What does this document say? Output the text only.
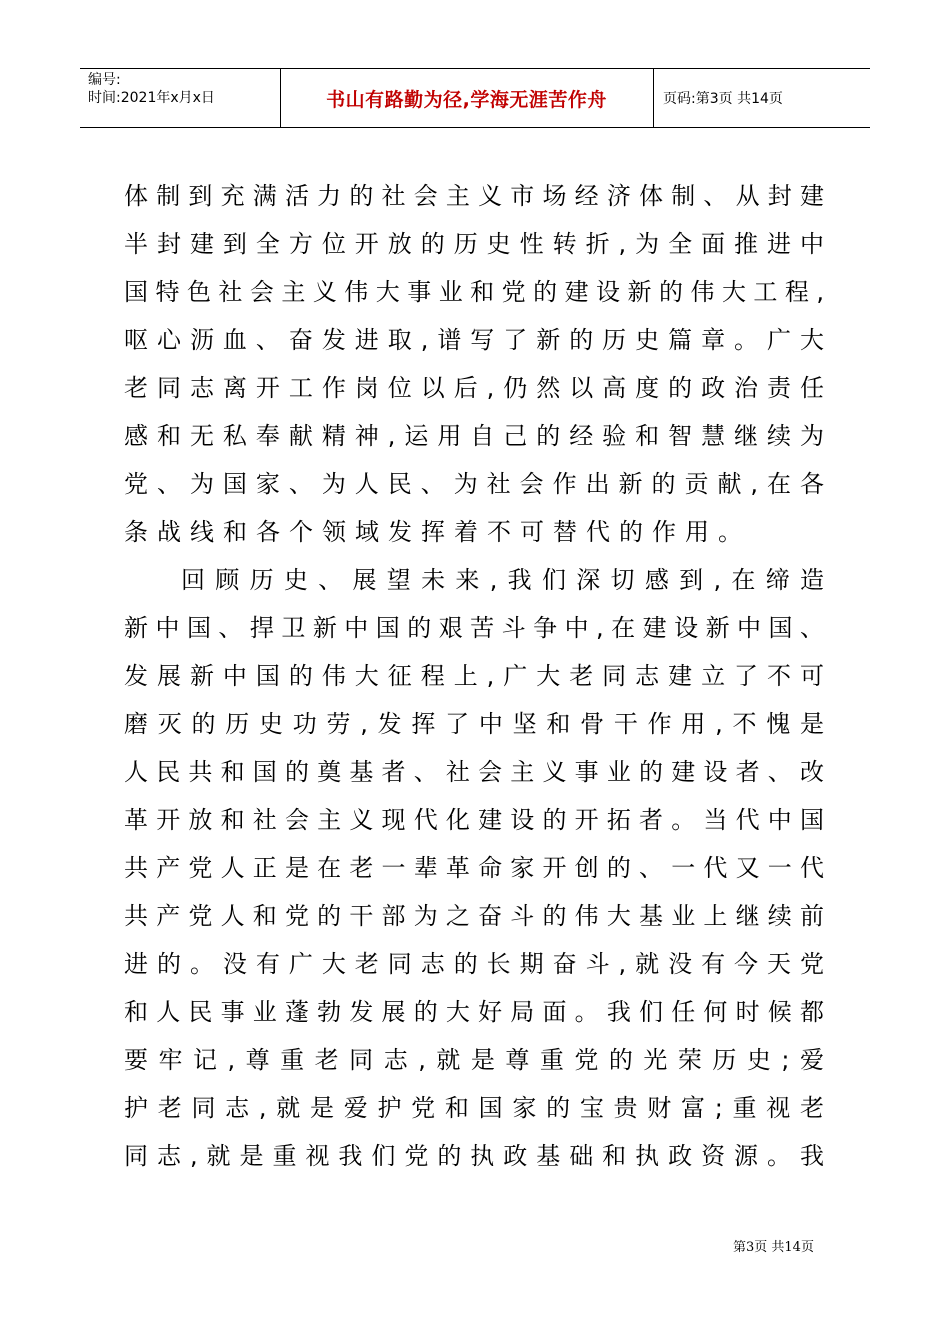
编号:
时间:2021年x月x日	书山有路勤为径,学海无涯苦作舟	页码:第3页 共14页
体制到充满活力的社会主义市场经济体制、从封建
半封建到全方位开放的历史性转折,为全面推进中
国特色社会主义伟大事业和党的建设新的伟大工程,
呕心沥血、奋发进取,谱写了新的历史篇章。广大
老同志离开工作岗位以后,仍然以高度的政治责任
感和无私奉献精神,运用自己的经验和智慧继续为
党、为国家、为人民、为社会作出新的贡献,在各
条战线和各个领域发挥着不可替代的作用。
回顾历史、展望未来,我们深切感到,在缔造
新中国、捍卫新中国的艰苦斗争中,在建设新中国、
发展新中国的伟大征程上,广大老同志建立了不可
磨灭的历史功劳,发挥了中坚和骨干作用,不愧是
人民共和国的奠基者、社会主义事业的建设者、改
革开放和社会主义现代化建设的开拓者。当代中国
共产党人正是在老一辈革命家开创的、一代又一代
共产党人和党的干部为之奋斗的伟大基业上继续前
进的。没有广大老同志的长期奋斗,就没有今天党
和人民事业蓬勃发展的大好局面。我们任何时候都
要牢记,尊重老同志,就是尊重党的光荣历史;爱
护老同志,就是爱护党和国家的宝贵财富;重视老
同志,就是重视我们党的执政基础和执政资源。我
第3页 共14页
